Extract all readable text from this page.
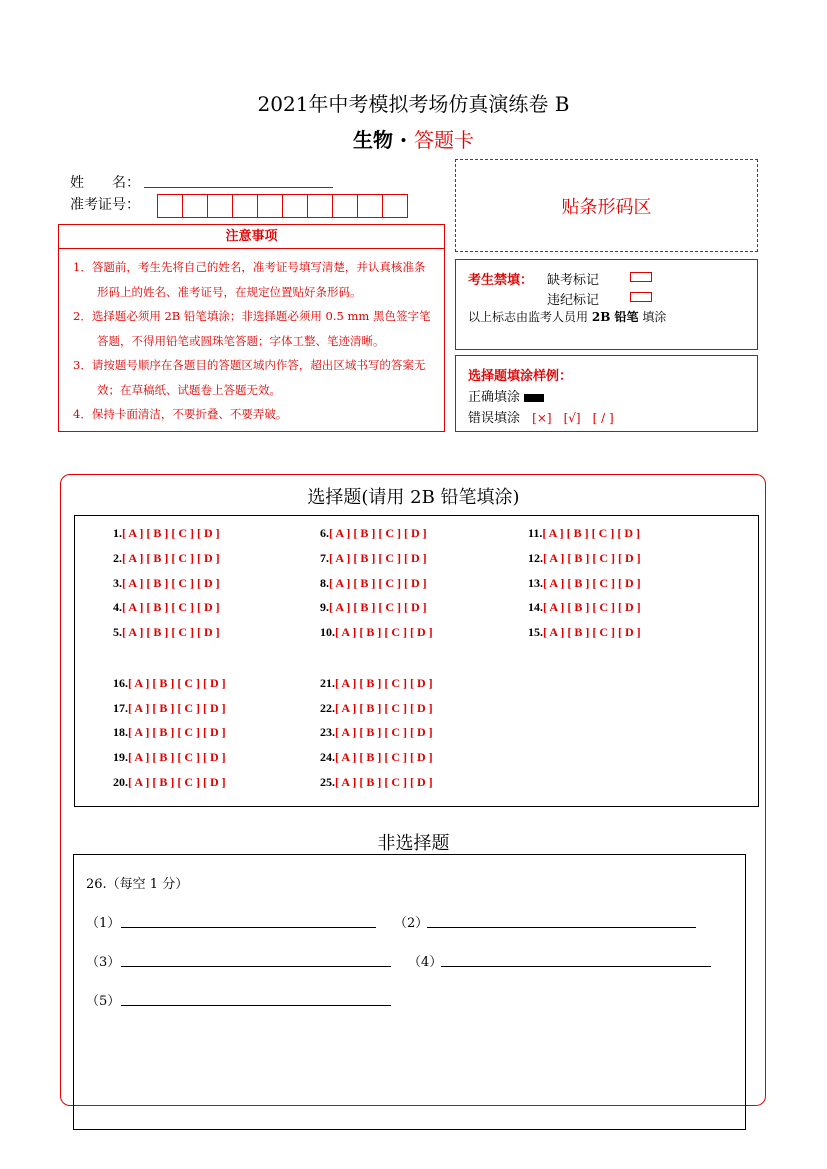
2021年中考模拟考场仿真演练卷 B
生物 • 答题卡
姓　　名：
准考证号：	贴条形码区
注意事项
1．答题前，考生先将自己的姓名，准考证号填写清楚，并认真核准条形码上的姓名、准考证号，在规定位置贴好条形码。
2．选择题必须用 2B 铅笔填涂；非选择题必须用 0.5 mm 黑色签字笔答题，不得用铅笔或圆珠笔答题；字体工整、笔迹清晰。
3．请按题号顺序在各题目的答题区域内作答，超出区域书写的答案无效；在草稿纸、试题卷上答题无效。
4．保持卡面清洁，不要折叠、不要弄破。
考生禁填： 缺考标记
违纪标记
以上标志由监考人员用 2B 铅笔 填涂
选择题填涂样例：
正确填涂
错误填涂 [×]　[√]　[ / ]
选择题(请用 2B 铅笔填涂)
1.[ A ] [ B ] [ C ] [ D ]
2.[ A ] [ B ] [ C ] [ D ]
3.[ A ] [ B ] [ C ] [ D ]
4.[ A ] [ B ] [ C ] [ D ]
5.[ A ] [ B ] [ C ] [ D ]
6.[ A ] [ B ] [ C ] [ D ]
7.[ A ] [ B ] [ C ] [ D ]
8.[ A ] [ B ] [ C ] [ D ]
9.[ A ] [ B ] [ C ] [ D ]
10.[ A ] [ B ] [ C ] [ D ]
11.[ A ] [ B ] [ C ] [ D ]
12.[ A ] [ B ] [ C ] [ D ]
13.[ A ] [ B ] [ C ] [ D ]
14.[ A ] [ B ] [ C ] [ D ]
15.[ A ] [ B ] [ C ] [ D ]
16.[ A ] [ B ] [ C ] [ D ]
17.[ A ] [ B ] [ C ] [ D ]
18.[ A ] [ B ] [ C ] [ D ]
19.[ A ] [ B ] [ C ] [ D ]
20.[ A ] [ B ] [ C ] [ D ]
21.[ A ] [ B ] [ C ] [ D ]
22.[ A ] [ B ] [ C ] [ D ]
23.[ A ] [ B ] [ C ] [ D ]
24.[ A ] [ B ] [ C ] [ D ]
25.[ A ] [ B ] [ C ] [ D ]
非选择题
26.（每空 1 分）
（1）	（2）
（3）	（4）
（5）
